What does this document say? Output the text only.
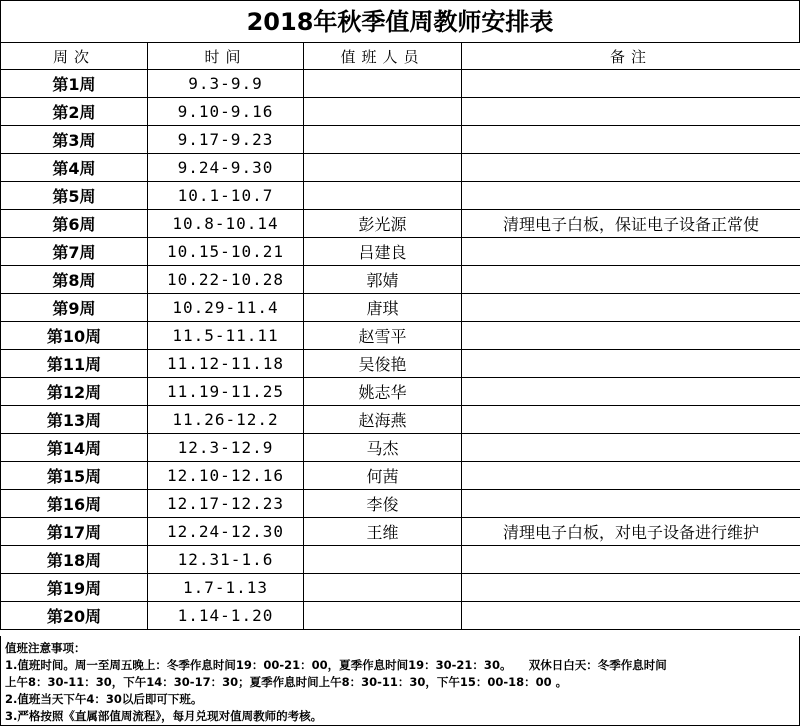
2018年秋季值周教师安排表
周次	时间	值班人员	备注
第1周	9.3-9.9		
第2周	9.10-9.16		
第3周	9.17-9.23		
第4周	9.24-9.30		
第5周	10.1-10.7		
第6周	10.8-10.14	彭光源	清理电子白板，保证电子设备正常使
第7周	10.15-10.21	吕建良	
第8周	10.22-10.28	郭婧	
第9周	10.29-11.4	唐琪	
第10周	11.5-11.11	赵雪平	
第11周	11.12-11.18	吴俊艳	
第12周	11.19-11.25	姚志华	
第13周	11.26-12.2	赵海燕	
第14周	12.3-12.9	马杰	
第15周	12.10-12.16	何茜	
第16周	12.17-12.23	李俊	
第17周	12.24-12.30	王维	清理电子白板，对电子设备进行维护
第18周	12.31-1.6		
第19周	1.7-1.13		
第20周	1.14-1.20		
值班注意事项：
1.值班时间。周一至周五晚上：冬季作息时间19：00-21：00，夏季作息时间19：30-21：30。　　双休日白天：冬季作息时间
上午8：30-11：30，下午14：30-17：30；夏季作息时间上午8：30-11：30，下午15：00-18：00 。
2.值班当天下午4：30以后即可下班。
3.严格按照《直属部值周流程》，每月兑现对值周教师的考核。
